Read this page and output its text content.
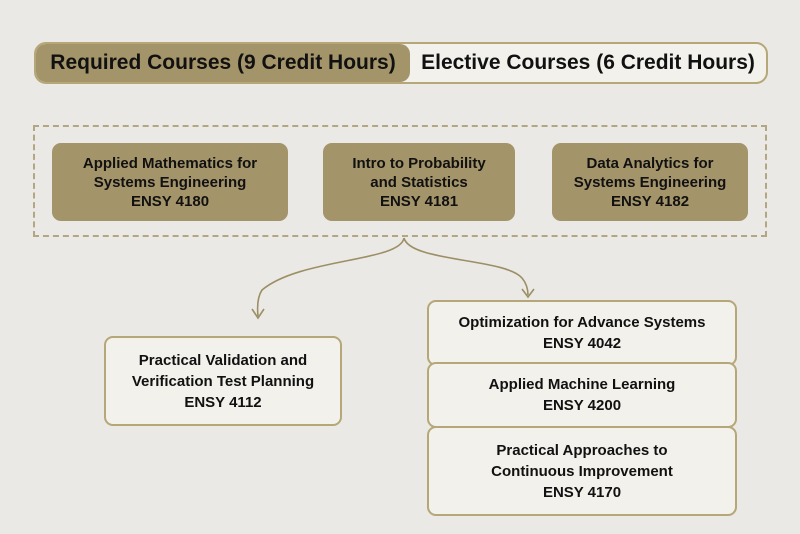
Required Courses (9 Credit Hours)	Elective Courses (6 Credit Hours)
Applied Mathematics for
Systems Engineering
ENSY 4180
Intro to Probability
and Statistics
ENSY 4181
Data Analytics for
Systems Engineering
ENSY 4182
Practical Validation and
Verification Test Planning
ENSY 4112
Optimization for Advance Systems
ENSY 4042
Applied Machine Learning
ENSY 4200
Practical Approaches to
Continuous Improvement
ENSY 4170
